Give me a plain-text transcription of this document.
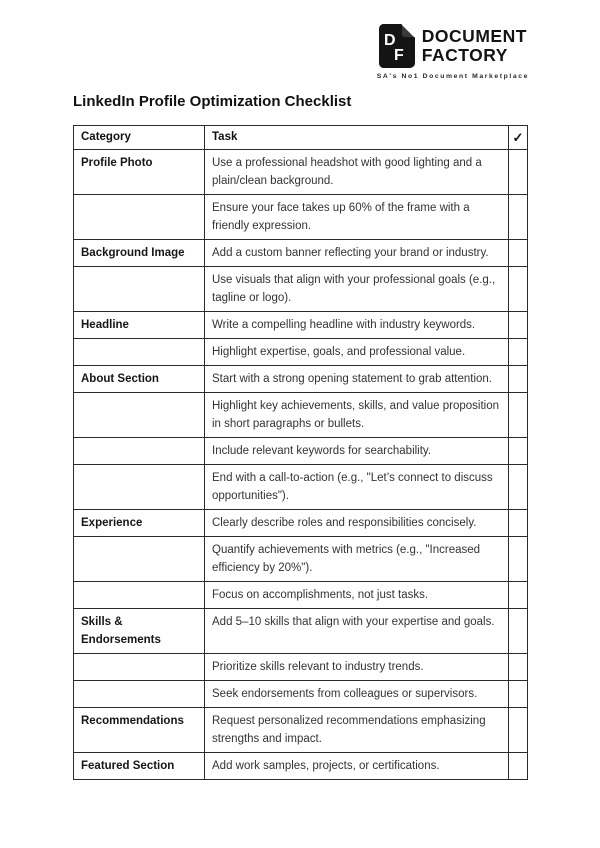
D
F
DOCUMENT
FACTORY
SA's No1 Document Marketplace
LinkedIn Profile Optimization Checklist
Category	Task	✓
Profile Photo	Use a professional headshot with good lighting and a plain/clean background.	
	Ensure your face takes up 60% of the frame with a friendly expression.	
Background Image	Add a custom banner reflecting your brand or industry.	
	Use visuals that align with your professional goals (e.g., tagline or logo).	
Headline	Write a compelling headline with industry keywords.	
	Highlight expertise, goals, and professional value.	
About Section	Start with a strong opening statement to grab attention.	
	Highlight key achievements, skills, and value proposition in short paragraphs or bullets.	
	Include relevant keywords for searchability.	
	End with a call-to-action (e.g., "Let’s connect to discuss opportunities").	
Experience	Clearly describe roles and responsibilities concisely.	
	Quantify achievements with metrics (e.g., "Increased efficiency by 20%").	
	Focus on accomplishments, not just tasks.	
Skills & Endorsements	Add 5–10 skills that align with your expertise and goals.	
	Prioritize skills relevant to industry trends.	
	Seek endorsements from colleagues or supervisors.	
Recommendations	Request personalized recommendations emphasizing strengths and impact.	
Featured Section	Add work samples, projects, or certifications.	
